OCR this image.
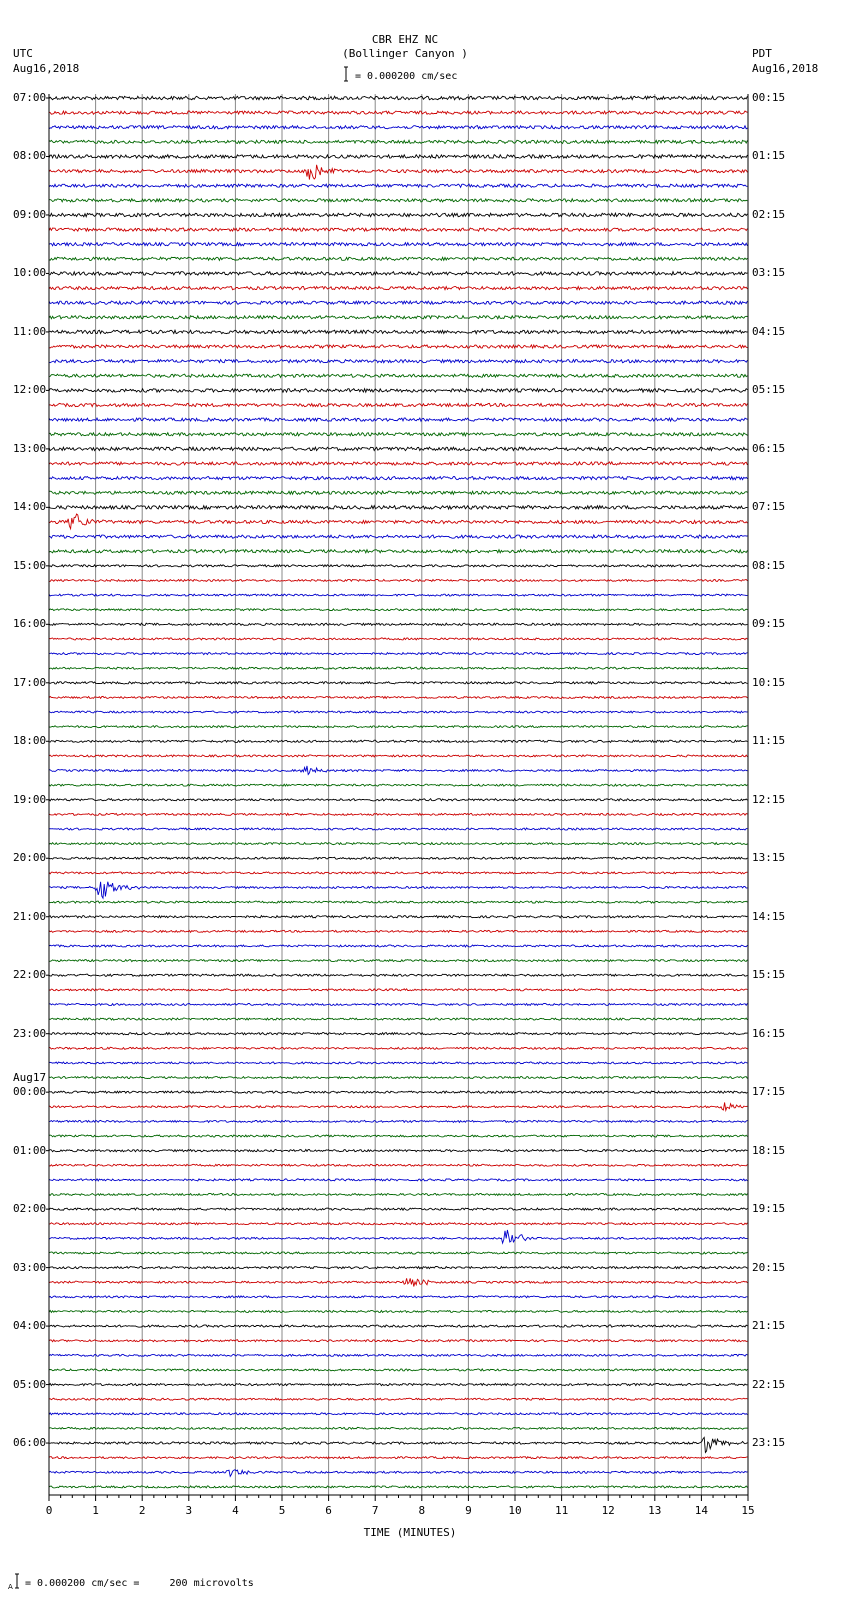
CBR EHZ NC
(Bollinger Canyon )
UTC
Aug16,2018
PDT
Aug16,2018
= 0.000200 cm/sec
0	1	2	3	4	5	6	7	8	9	10	11	12	13	14	15
TIME (MINUTES)
A = 0.000200 cm/sec =     200 microvolts
07:00
08:00
09:00
10:00
11:00
12:00
13:00
14:00
15:00
16:00
17:00
18:00
19:00
20:00
21:00
22:00
23:00
00:00
Aug17
01:00
02:00
03:00
04:00
05:00
06:00
00:15
01:15
02:15
03:15
04:15
05:15
06:15
07:15
08:15
09:15
10:15
11:15
12:15
13:15
14:15
15:15
16:15
17:15
18:15
19:15
20:15
21:15
22:15
23:15
